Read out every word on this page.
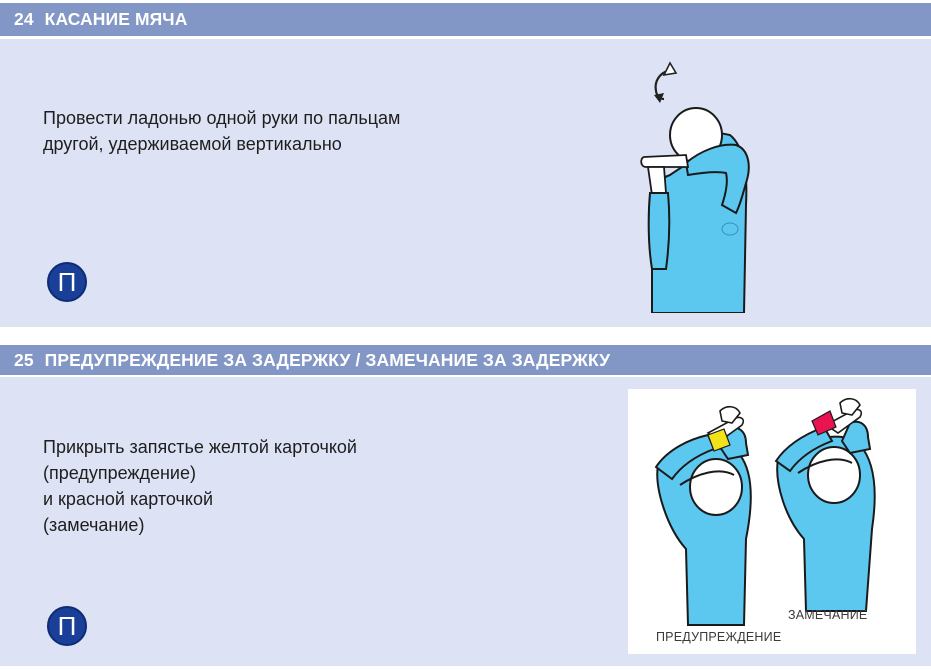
24 КАСАНИЕ МЯЧА
Провести ладонью одной руки по пальцам
другой, удерживаемой вертикально
П
25 ПРЕДУПРЕЖДЕНИЕ ЗА ЗАДЕРЖКУ / ЗАМЕЧАНИЕ ЗА ЗАДЕРЖКУ
Прикрыть запястье желтой карточкой
(предупреждение)
и красной карточкой
(замечание)
П	ЗАМЕЧАНИЕ
ПРЕДУПРЕЖДЕНИЕ
